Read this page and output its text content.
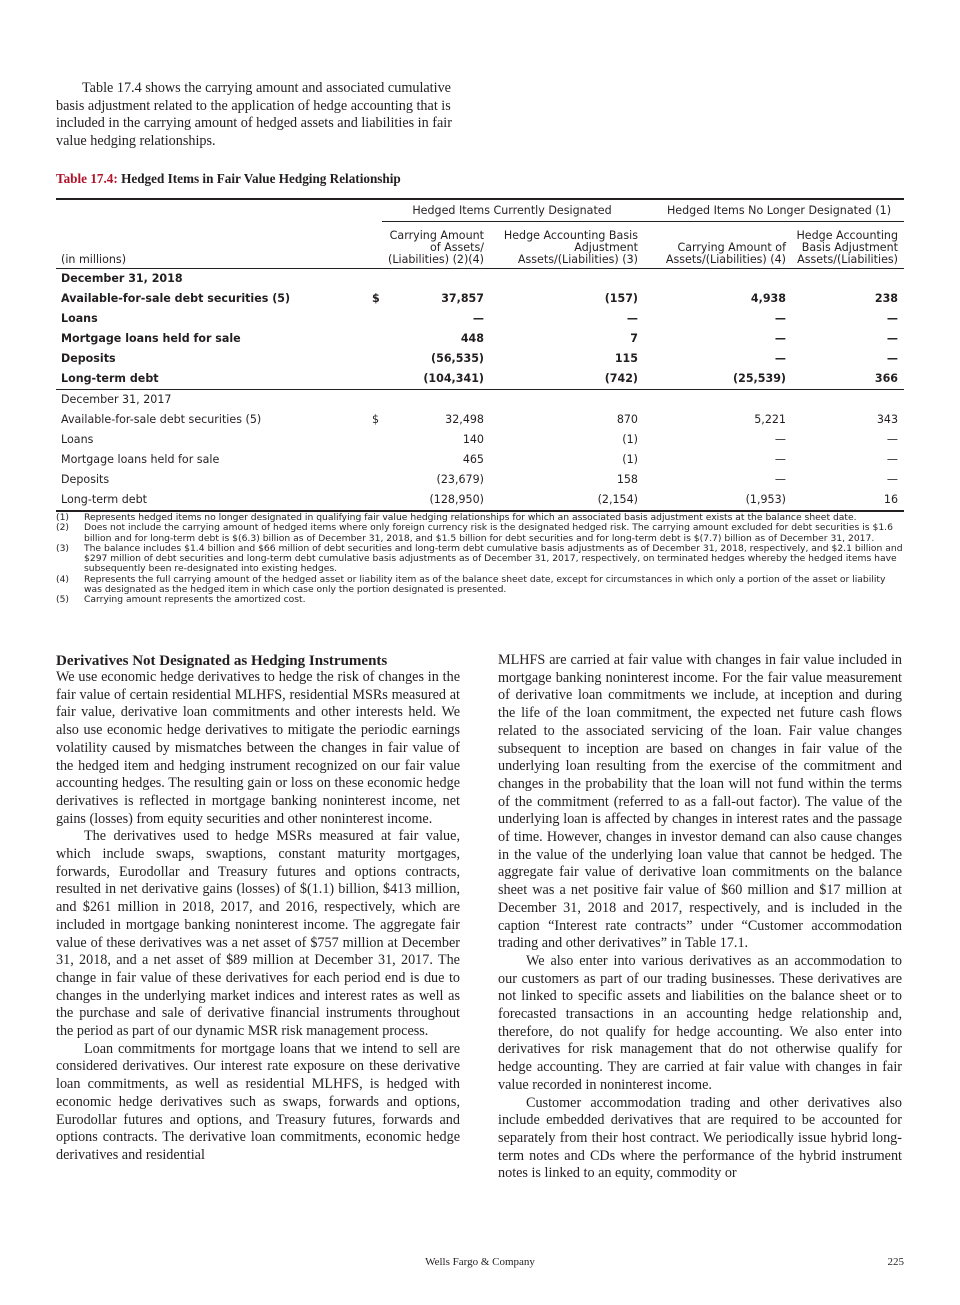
Table 17.4 shows the carrying amount and associated cumulative basis adjustment related to the application of hedge accounting that is included in the carrying amount of hedged assets and liabilities in fair value hedging relationships.

Table 17.4: Hedged Items in Fair Value Hedging Relationship
		Hedged Items Currently Designated		Hedged Items No Longer Designated (1)	
(in millions)		Carrying Amount of Assets/ (Liabilities) (2)(4)	Hedge Accounting Basis Adjustment Assets/(Liabilities) (3)	Carrying Amount of Assets/(Liabilities) (4)	Hedge Accounting Basis Adjustment Assets/(Liabilities)
December 31, 2018					
Available-for-sale debt securities (5)	$	37,857	(157)	4,938	238
Loans		—	—	—	—
Mortgage loans held for sale		448	7	—	—
Deposits		(56,535)	115	—	—
Long-term debt		(104,341)	(742)	(25,539)	366
December 31, 2017					
Available-for-sale debt securities (5)	$	32,498	870	5,221	343
Loans		140	(1)	—	—
Mortgage loans held for sale		465	(1)	—	—
Deposits		(23,679)	158	—	—
Long-term debt		(128,950)	(2,154)	(1,953)	16
(1)	Represents hedged items no longer designated in qualifying fair value hedging relationships for which an associated basis adjustment exists at the balance sheet date.
(2)	Does not include the carrying amount of hedged items where only foreign currency risk is the designated hedged risk. The carrying amount excluded for debt securities is $1.6 billion and for long-term debt is $(6.3) billion as of December 31, 2018, and $1.5 billion for debt securities and for long-term debt is $(7.7) billion as of December 31, 2017.
(3)	The balance includes $1.4 billion and $66 million of debt securities and long-term debt cumulative basis adjustments as of December 31, 2018, respectively, and $2.1 billion and $297 million of debt securities and long-term debt cumulative basis adjustments as of December 31, 2017, respectively, on terminated hedges whereby the hedged items have subsequently been re-designated into existing hedges.
(4)	Represents the full carrying amount of the hedged asset or liability item as of the balance sheet date, except for circumstances in which only a portion of the asset or liability was designated as the hedged item in which case only the portion designated is presented.
(5)	Carrying amount represents the amortized cost.
Derivatives Not Designated as Hedging Instruments

We use economic hedge derivatives to hedge the risk of changes in the fair value of certain residential MLHFS, residential MSRs measured at fair value, derivative loan commitments and other interests held. We also use economic hedge derivatives to mitigate the periodic earnings volatility caused by mismatches between the changes in fair value of the hedged item and hedging instrument recognized on our fair value accounting hedges. The resulting gain or loss on these economic hedge derivatives is reflected in mortgage banking noninterest income, net gains (losses) from equity securities and other noninterest income.

The derivatives used to hedge MSRs measured at fair value, which include swaps, swaptions, constant maturity mortgages, forwards, Eurodollar and Treasury futures and options contracts, resulted in net derivative gains (losses) of $(1.1) billion, $413 million, and $261 million in 2018, 2017, and 2016, respectively, which are included in mortgage banking noninterest income. The aggregate fair value of these derivatives was a net asset of $757 million at December 31, 2018, and a net asset of $89 million at December 31, 2017. The change in fair value of these derivatives for each period end is due to changes in the underlying market indices and interest rates as well as the purchase and sale of derivative financial instruments throughout the period as part of our dynamic MSR risk management process.

Loan commitments for mortgage loans that we intend to sell are considered derivatives. Our interest rate exposure on these derivative loan commitments, as well as residential MLHFS, is hedged with economic hedge derivatives such as swaps, forwards and options, Eurodollar futures and options, and Treasury futures, forwards and options contracts. The derivative loan commitments, economic hedge derivatives and residential

MLHFS are carried at fair value with changes in fair value included in mortgage banking noninterest income. For the fair value measurement of derivative loan commitments we include, at inception and during the life of the loan commitment, the expected net future cash flows related to the associated servicing of the loan. Fair value changes subsequent to inception are based on changes in fair value of the underlying loan resulting from the exercise of the commitment and changes in the probability that the loan will not fund within the terms of the commitment (referred to as a fall-out factor). The value of the underlying loan is affected by changes in interest rates and the passage of time. However, changes in investor demand can also cause changes in the value of the underlying loan value that cannot be hedged. The aggregate fair value of derivative loan commitments on the balance sheet was a net positive fair value of $60 million and $17 million at December 31, 2018 and 2017, respectively, and is included in the caption “Interest rate contracts” under “Customer accommodation trading and other derivatives” in Table 17.1.

We also enter into various derivatives as an accommodation to our customers as part of our trading businesses. These derivatives are not linked to specific assets and liabilities on the balance sheet or to forecasted transactions in an accounting hedge relationship and, therefore, do not qualify for hedge accounting. We also enter into derivatives for risk management that do not otherwise qualify for hedge accounting. They are carried at fair value with changes in fair value recorded in noninterest income.

Customer accommodation trading and other derivatives also include embedded derivatives that are required to be accounted for separately from their host contract. We periodically issue hybrid long-term notes and CDs where the performance of the hybrid instrument notes is linked to an equity, commodity or

Wells Fargo & Company	225
